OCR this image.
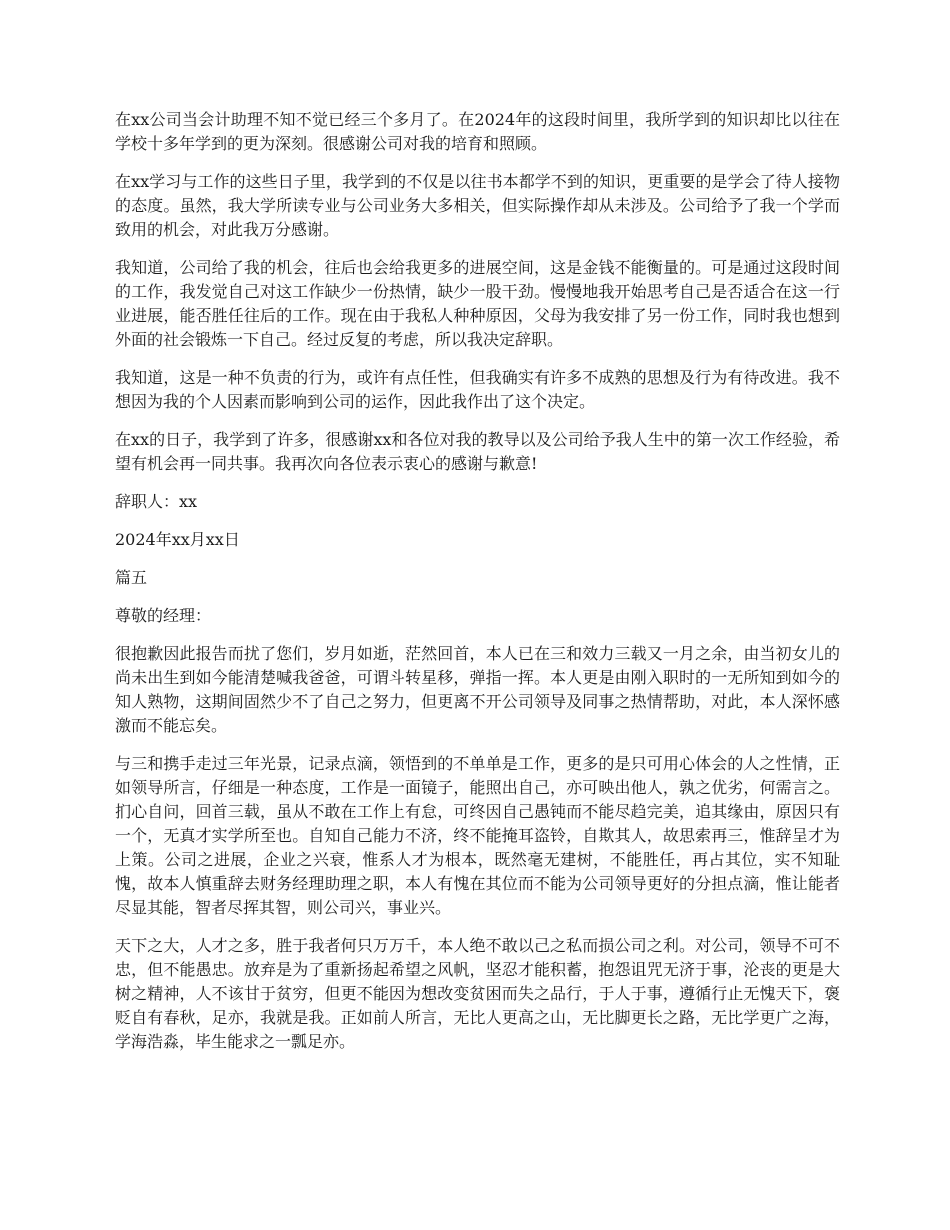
在xx公司当会计助理不知不觉已经三个多月了。在2024年的这段时间里，我所学到的知识却比以往在学校十多年学到的更为深刻。很感谢公司对我的培育和照顾。

在xx学习与工作的这些日子里，我学到的不仅是以往书本都学不到的知识，更重要的是学会了待人接物的态度。虽然，我大学所读专业与公司业务大多相关，但实际操作却从未涉及。公司给予了我一个学而致用的机会，对此我万分感谢。

我知道，公司给了我的机会，往后也会给我更多的进展空间，这是金钱不能衡量的。可是通过这段时间的工作，我发觉自己对这工作缺少一份热情，缺少一股干劲。慢慢地我开始思考自己是否适合在这一行业进展，能否胜任往后的工作。现在由于我私人种种原因，父母为我安排了另一份工作，同时我也想到外面的社会锻炼一下自己。经过反复的考虑，所以我决定辞职。

我知道，这是一种不负责的行为，或许有点任性，但我确实有许多不成熟的思想及行为有待改进。我不想因为我的个人因素而影响到公司的运作，因此我作出了这个决定。

在xx的日子，我学到了许多，很感谢xx和各位对我的教导以及公司给予我人生中的第一次工作经验，希望有机会再一同共事。我再次向各位表示衷心的感谢与歉意!

辞职人：xx

2024年xx月xx日

篇五

尊敬的经理：

很抱歉因此报告而扰了您们，岁月如逝，茫然回首，本人已在三和效力三载又一月之余，由当初女儿的尚未出生到如今能清楚喊我爸爸，可谓斗转星移，弹指一挥。本人更是由刚入职时的一无所知到如今的知人熟物，这期间固然少不了自己之努力，但更离不开公司领导及同事之热情帮助，对此，本人深怀感激而不能忘矣。

与三和携手走过三年光景，记录点滴，领悟到的不单单是工作，更多的是只可用心体会的人之性情，正如领导所言，仔细是一种态度，工作是一面镜子，能照出自己，亦可映出他人，孰之优劣，何需言之。扪心自问，回首三载，虽从不敢在工作上有怠，可终因自己愚钝而不能尽趋完美，追其缘由，原因只有一个，无真才实学所至也。自知自己能力不济，终不能掩耳盗铃，自欺其人，故思索再三，惟辞呈才为上策。公司之进展，企业之兴衰，惟系人才为根本，既然毫无建树，不能胜任，再占其位，实不知耻愧，故本人慎重辞去财务经理助理之职，本人有愧在其位而不能为公司领导更好的分担点滴，惟让能者尽显其能，智者尽挥其智，则公司兴，事业兴。

天下之大，人才之多，胜于我者何只万万千，本人绝不敢以己之私而损公司之利。对公司，领导不可不忠，但不能愚忠。放弃是为了重新扬起希望之风帆，坚忍才能积蓄，抱怨诅咒无济于事，沦丧的更是大树之精神，人不该甘于贫穷，但更不能因为想改变贫困而失之品行，于人于事，遵循行止无愧天下，褒贬自有春秋，足亦，我就是我。正如前人所言，无比人更高之山，无比脚更长之路，无比学更广之海，学海浩淼，毕生能求之一瓢足亦。
